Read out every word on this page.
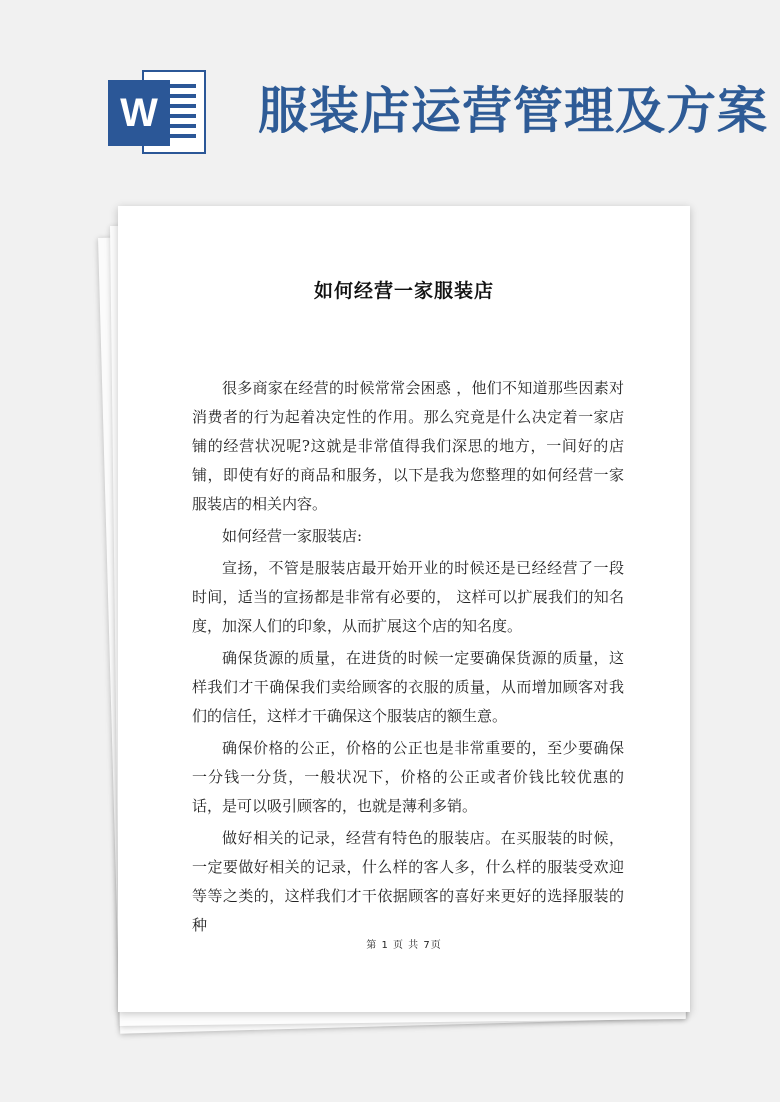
W 服装店运营管理及方案
如何经营一家服装店

很多商家在经营的时候常常会困惑 ，他们不知道那些因素对消费者的行为起着决定性的作用。那么究竟是什么决定着一家店铺的经营状况呢?这就是非常值得我们深思的地方，一间好的店铺，即使有好的商品和服务，以下是我为您整理的如何经营一家服装店的相关内容。

如何经营一家服装店:

宣扬，不管是服装店最开始开业的时候还是已经经营了一段时间，适当的宣扬都是非常有必要的， 这样可以扩展我们的知名度，加深人们的印象，从而扩展这个店的知名度。

确保货源的质量，在进货的时候一定要确保货源的质量，这样我们才干确保我们卖给顾客的衣服的质量，从而增加顾客对我们的信任，这样才干确保这个服装店的额生意。

确保价格的公正，价格的公正也是非常重要的，至少要确保一分钱一分货，一般状况下，价格的公正或者价钱比较优惠的话，是可以吸引顾客的，也就是薄利多销。

做好相关的记录，经营有特色的服装店。在买服装的时候，一定要做好相关的记录，什么样的客人多，什么样的服装受欢迎等等之类的，这样我们才干依据顾客的喜好来更好的选择服装的种

第 1 页 共 7页
